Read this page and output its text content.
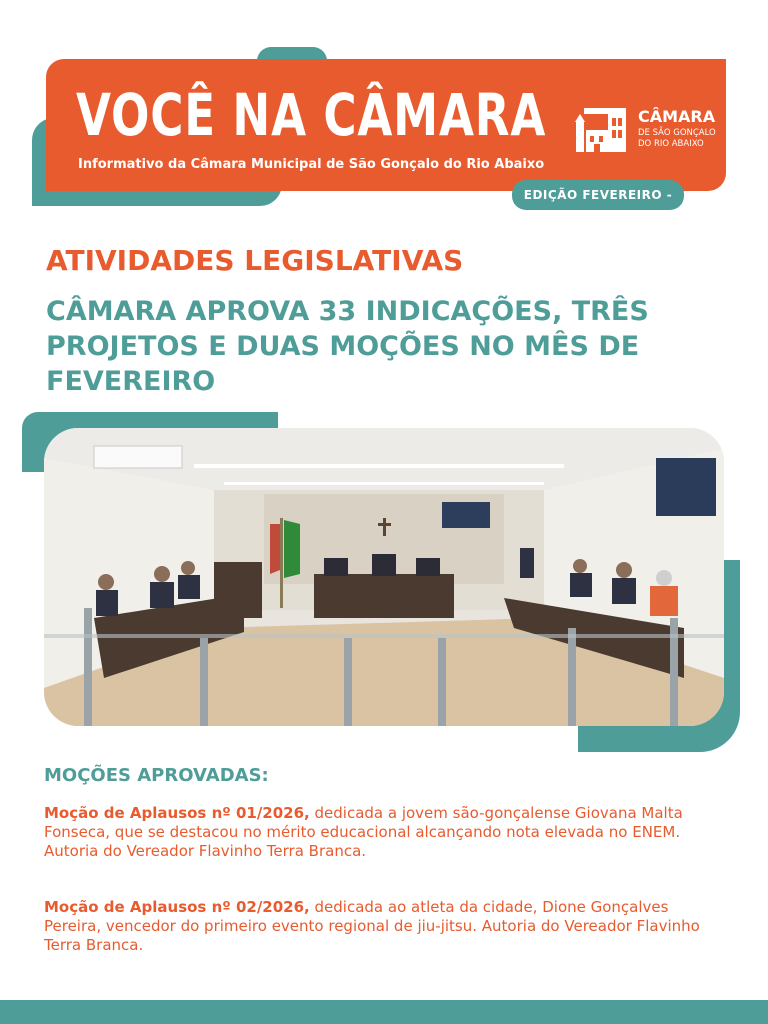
VOCÊ NA CÂMARA
Informativo da Câmara Municipal de São Gonçalo do Rio Abaixo
CÂMARA
DE SÃO GONÇALO
DO RIO ABAIXO
EDIÇÃO FEVEREIRO - 2026
ATIVIDADES LEGISLATIVAS
CÂMARA APROVA 33 INDICAÇÕES, TRÊS PROJETOS E DUAS MOÇÕES NO MÊS DE FEVEREIRO
MOÇÕES APROVADAS:
Moção de Aplausos nº 01/2026, dedicada a jovem são-gonçalense Giovana Malta Fonseca, que se destacou no mérito educacional alcançando nota elevada no ENEM. Autoria do Vereador Flavinho Terra Branca.
Moção de Aplausos nº 02/2026, dedicada ao atleta da cidade, Dione Gonçalves Pereira, vencedor do primeiro evento regional de jiu-jitsu. Autoria do Vereador Flavinho Terra Branca.
